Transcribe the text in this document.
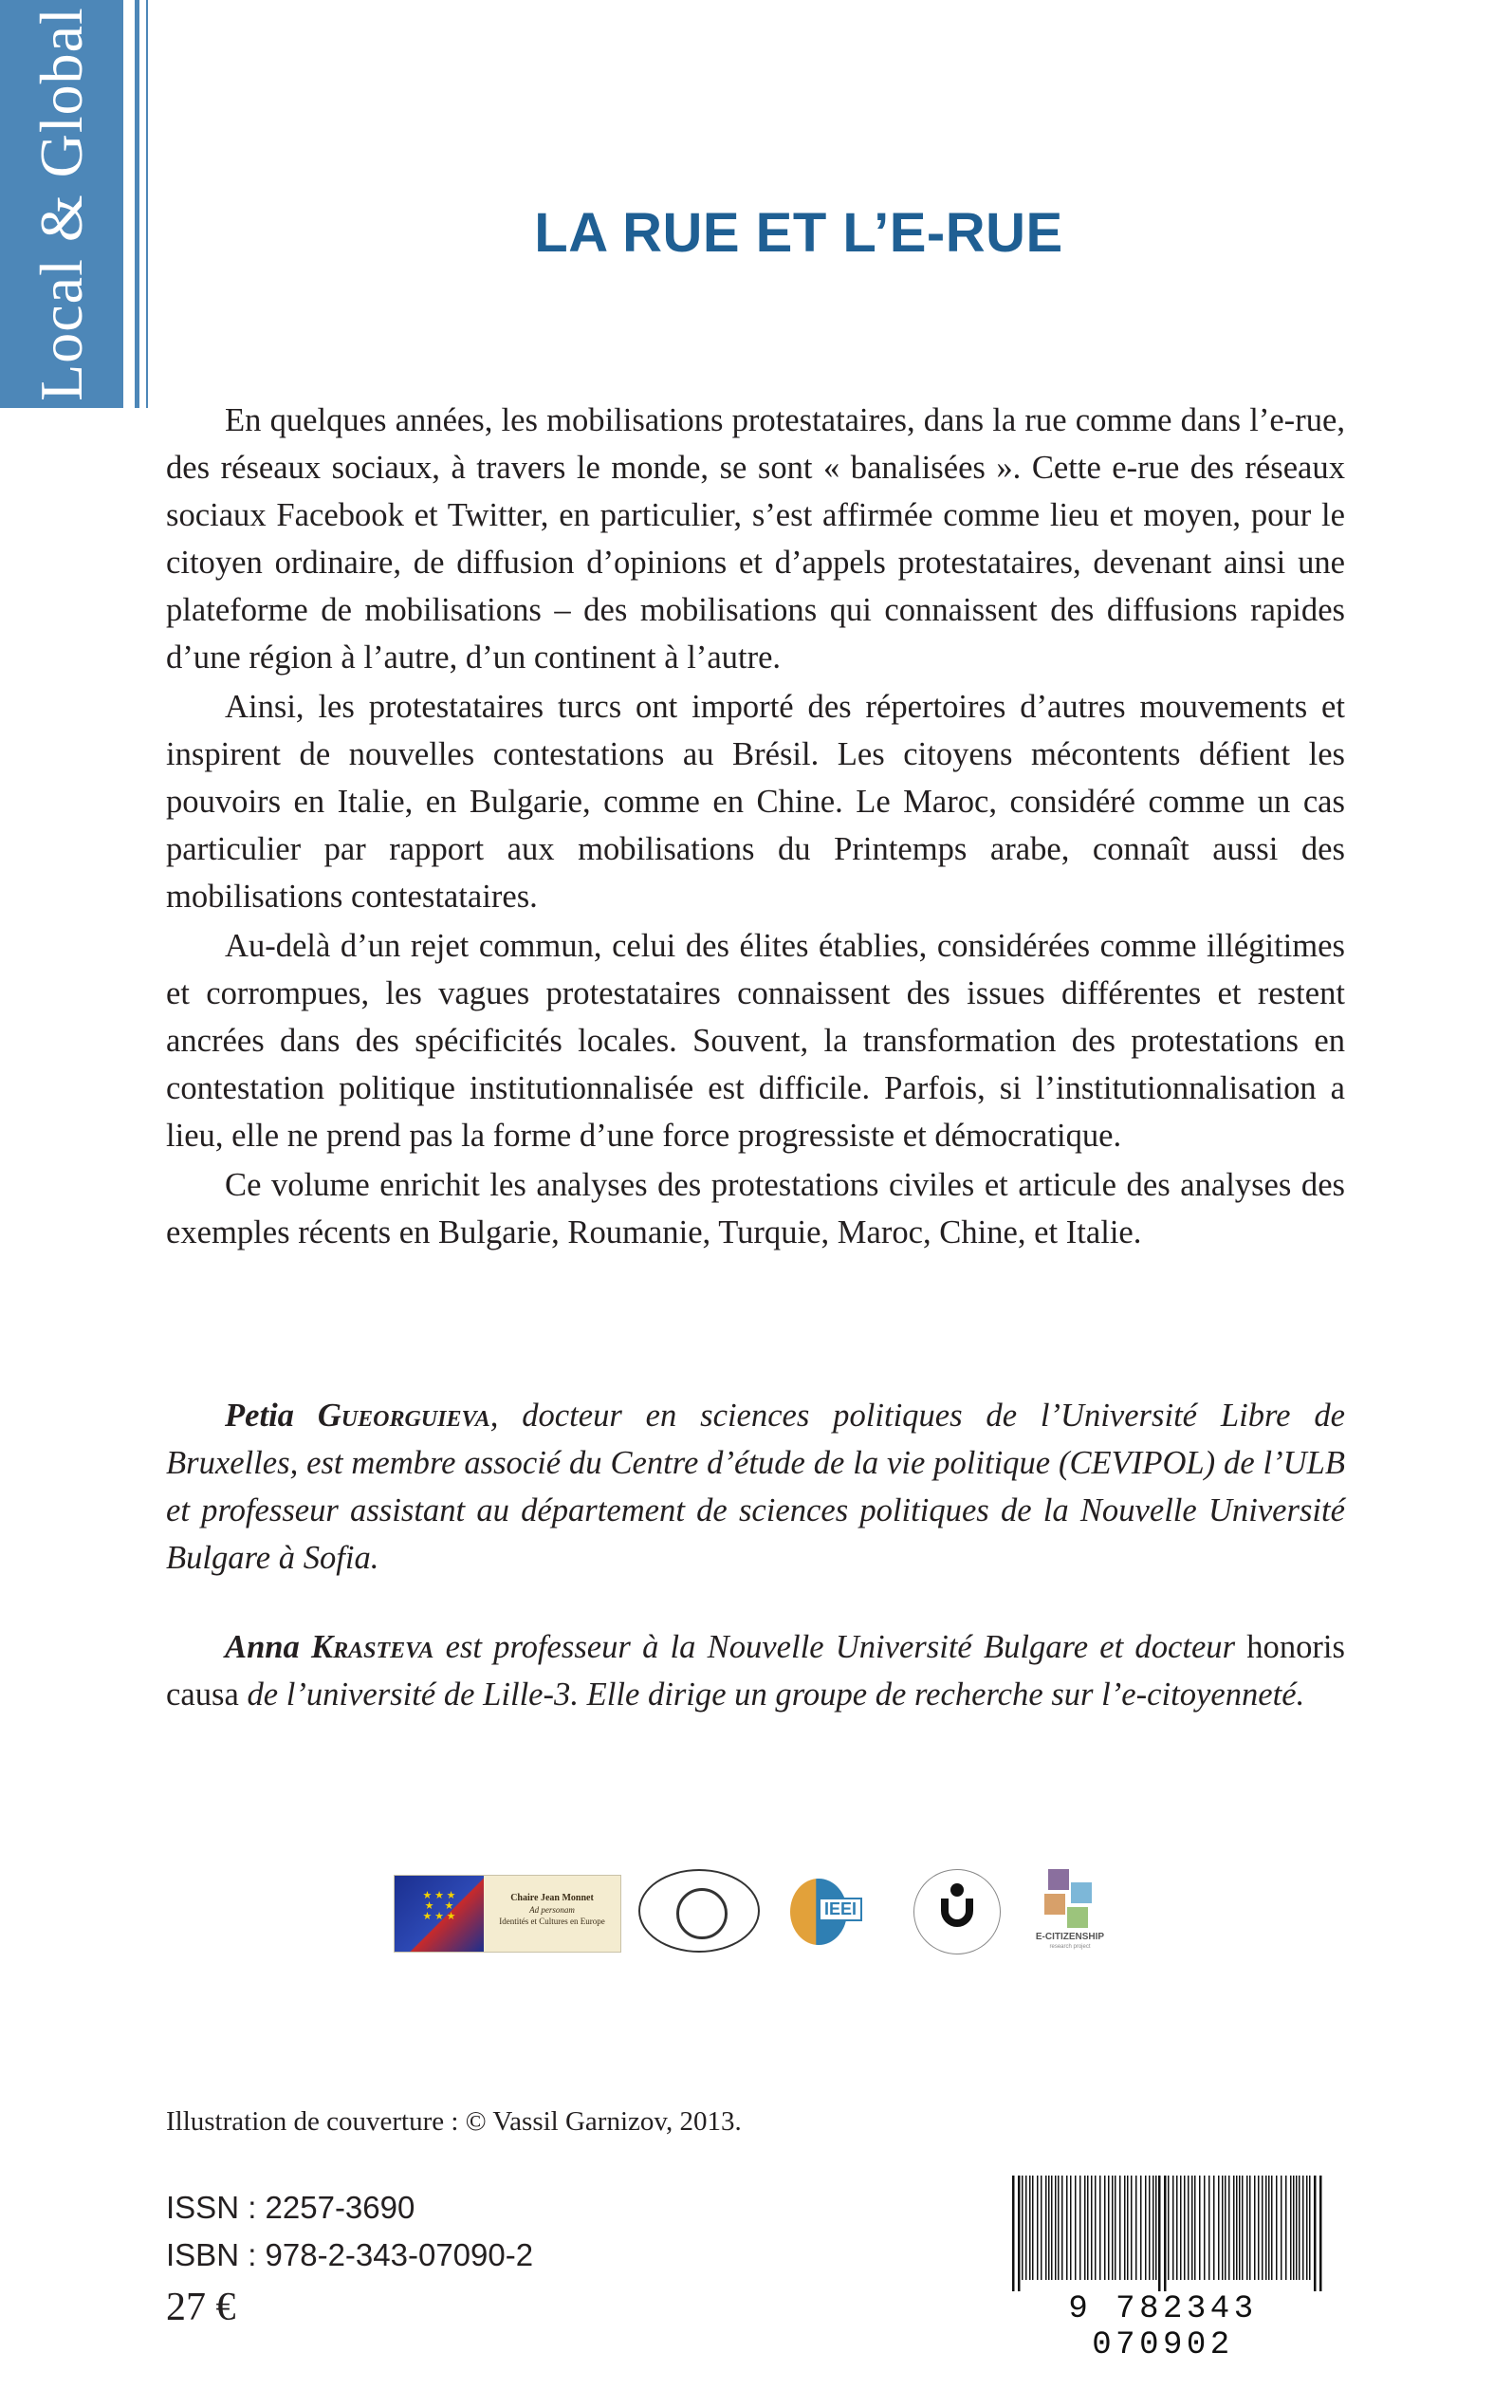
Local & Global	LA RUE ET L’E-RUE

En quelques années, les mobilisations protestataires, dans la rue comme dans l’e-rue, des réseaux sociaux, à travers le monde, se sont « banalisées ». Cette e-rue des réseaux sociaux Facebook et Twitter, en particulier, s’est affirmée comme lieu et moyen, pour le citoyen ordinaire, de diffusion d’opinions et d’appels protestataires, devenant ainsi une plateforme de mobilisations – des mobilisations qui connaissent des diffusions rapides d’une région à l’autre, d’un continent à l’autre.

Ainsi, les protestataires turcs ont importé des répertoires d’autres mouvements et inspirent de nouvelles contestations au Brésil. Les citoyens mécontents défient les pouvoirs en Italie, en Bulgarie, comme en Chine. Le Maroc, considéré comme un cas particulier par rapport aux mobilisations du Printemps arabe, connaît aussi des mobilisations contestataires.

Au-delà d’un rejet commun, celui des élites établies, considérées comme illégitimes et corrompues, les vagues protestataires connaissent des issues différentes et restent ancrées dans des spécificités locales. Souvent, la transformation des protestations en contestation politique institutionnalisée est difficile. Parfois, si l’institutionnalisation a lieu, elle ne prend pas la forme d’une force progressiste et démocratique.

Ce volume enrichit les analyses des protestations civiles et articule des analyses des exemples récents en Bulgarie, Roumanie, Turquie, Maroc, Chine, et Italie.

Petia Gueorguieva, docteur en sciences politiques de l’Université Libre de Bruxelles, est membre associé du Centre d’étude de la vie politique (CEVIPOL) de l’ULB et professeur assistant au département de sciences politiques de la Nouvelle Université Bulgare à Sofia.

Anna Krasteva est professeur à la Nouvelle Université Bulgare et docteur honoris causa de l’université de Lille-3. Elle dirige un groupe de recherche sur l’e-citoyenneté.

★ ★ ★
★    ★
★ ★ ★
Chaire Jean Monnet
Ad personam
Identités et Cultures en Europe
IEEI
E-CITIZENSHIP
research project
Illustration de couverture : © Vassil Garnizov, 2013.
ISSN : 2257-3690
ISBN : 978-2-343-07090-2
27 €	9 782343 070902
